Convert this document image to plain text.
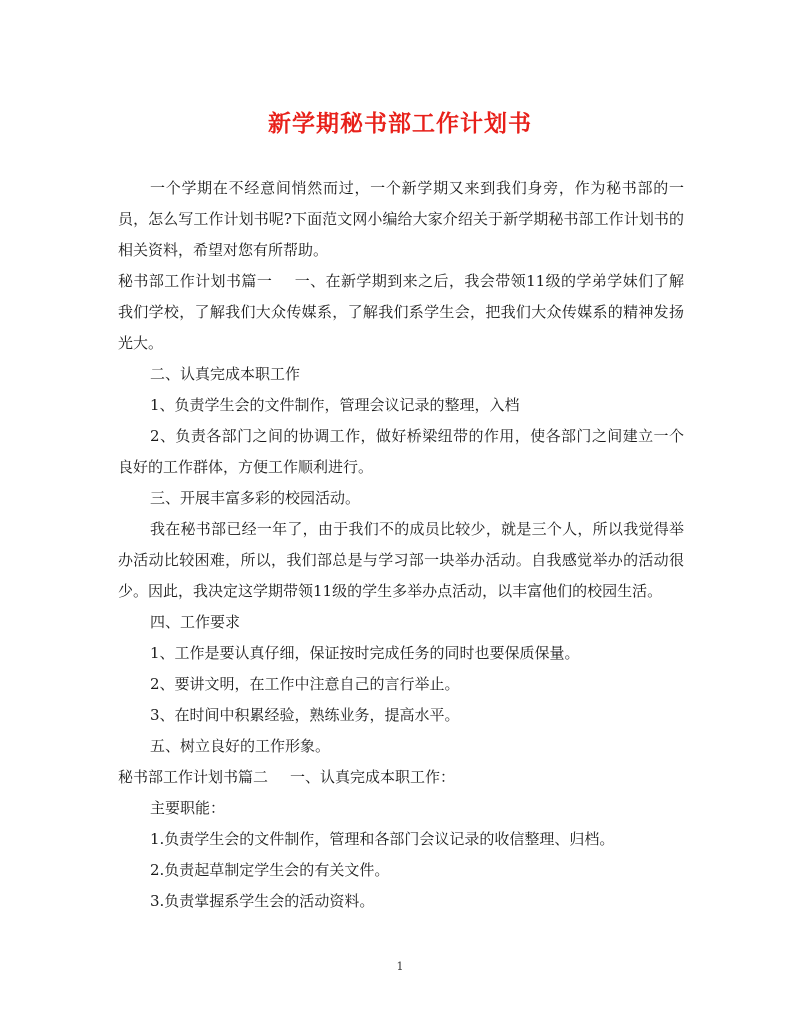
新学期秘书部工作计划书

一个学期在不经意间悄然而过，一个新学期又来到我们身旁，作为秘书部的一员，怎么写工作计划书呢?下面范文网小编给大家介绍关于新学期秘书部工作计划书的相关资料，希望对您有所帮助。

秘书部工作计划书篇一 一、在新学期到来之后，我会带领11级的学弟学妹们了解我们学校，了解我们大众传媒系，了解我们系学生会，把我们大众传媒系的精神发扬光大。

二、认真完成本职工作

1、负责学生会的文件制作，管理会议记录的整理，入档

2、负责各部门之间的协调工作，做好桥梁纽带的作用，使各部门之间建立一个良好的工作群体，方便工作顺利进行。

三、开展丰富多彩的校园活动。

我在秘书部已经一年了，由于我们不的成员比较少，就是三个人，所以我觉得举办活动比较困难，所以，我们部总是与学习部一块举办活动。自我感觉举办的活动很少。因此，我决定这学期带领11级的学生多举办点活动，以丰富他们的校园生活。

四、工作要求

1、工作是要认真仔细，保证按时完成任务的同时也要保质保量。

2、要讲文明，在工作中注意自己的言行举止。

3、在时间中积累经验，熟练业务，提高水平。

五、树立良好的工作形象。

秘书部工作计划书篇二 一、认真完成本职工作：

主要职能：

1.负责学生会的文件制作，管理和各部门会议记录的收信整理、归档。

2.负责起草制定学生会的有关文件。

3.负责掌握系学生会的活动资料。

1
